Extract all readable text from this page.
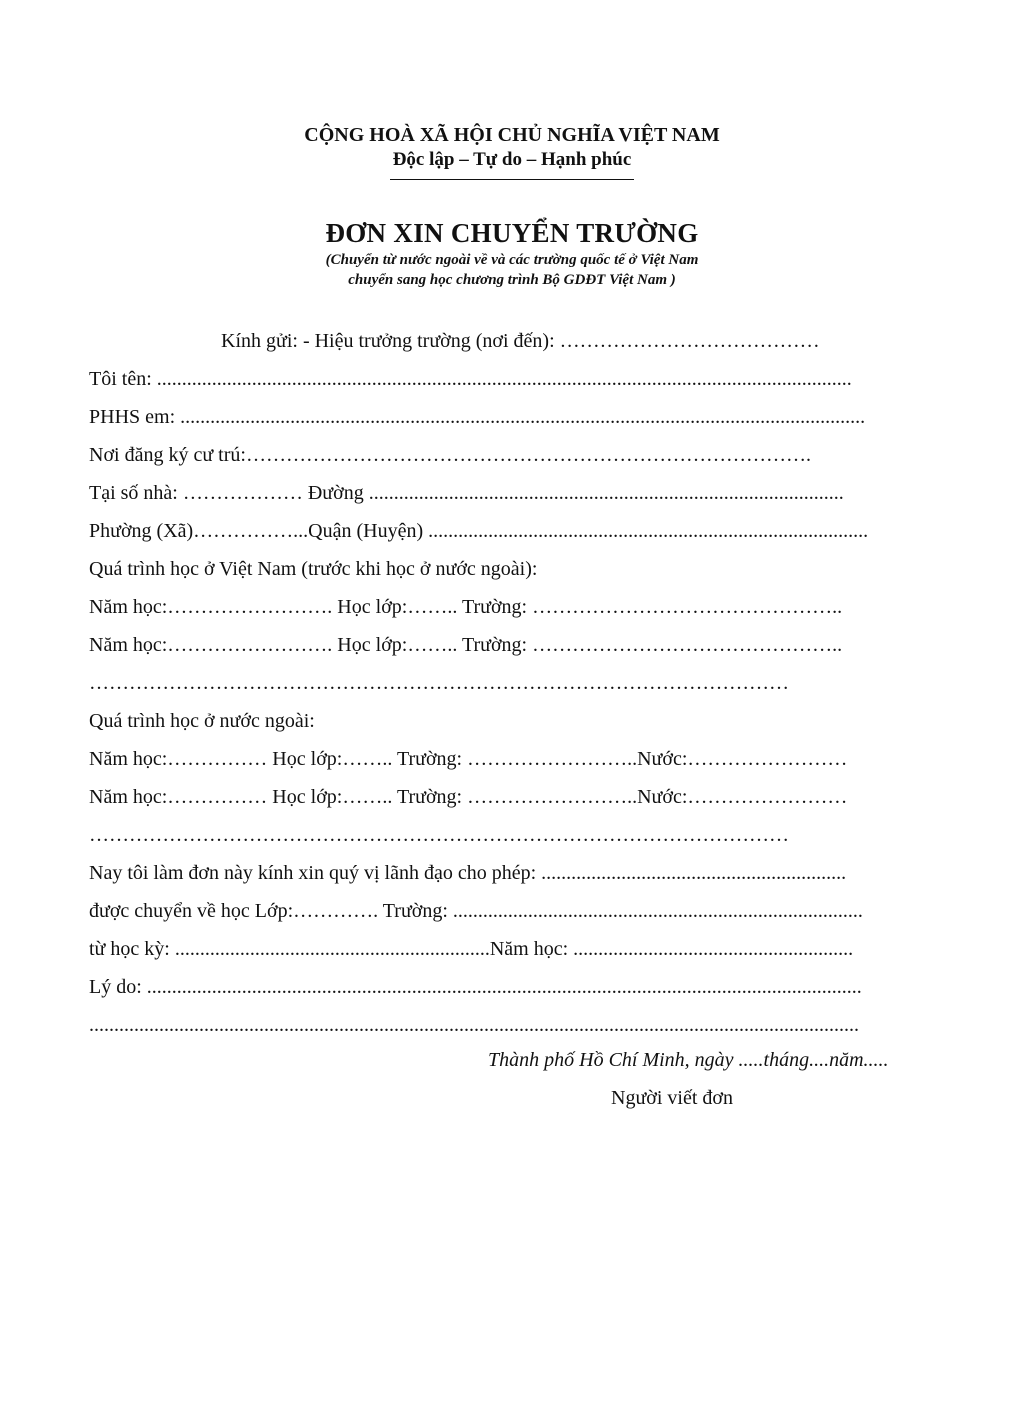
CỘNG HOÀ XÃ HỘI CHỦ NGHĨA VIỆT NAM
Độc lập – Tự do – Hạnh phúc
ĐƠN XIN CHUYỂN TRƯỜNG
(Chuyển từ nước ngoài về và các trường quốc tế ở Việt Nam
chuyển sang học chương trình Bộ GDĐT Việt Nam )
Kính gửi: - Hiệu trưởng trường (nơi đến): …………………………………
Tôi tên: ...........................................................................................................................................
PHHS em: .........................................................................................................................................
Nơi đăng ký cư trú:………………………………………………………………………….
Tại số nhà: ……………… Đường ...............................................................................................
Phường (Xã)……………...Quận (Huyện) ........................................................................................
Quá trình học ở Việt Nam (trước khi học ở nước ngoài):
Năm học:……………………. Học lớp:…….. Trường: ………………………………………..
Năm học:……………………. Học lớp:…….. Trường: ………………………………………..
……………………………………………………………………………………………
Quá trình học ở nước ngoài:
Năm học:…………… Học lớp:…….. Trường: ……………………..Nước:……………………
Năm học:…………… Học lớp:…….. Trường: ……………………..Nước:……………………
……………………………………………………………………………………………
Nay tôi làm đơn này kính xin quý vị lãnh đạo cho phép: .............................................................
được chuyển về học Lớp:…………. Trường: ..................................................................................
từ học kỳ: ...............................................................Năm học: ........................................................
Lý do: ...............................................................................................................................................
..........................................................................................................................................................
Thành phố Hồ Chí Minh, ngày .....tháng....năm.....
Người viết đơn
